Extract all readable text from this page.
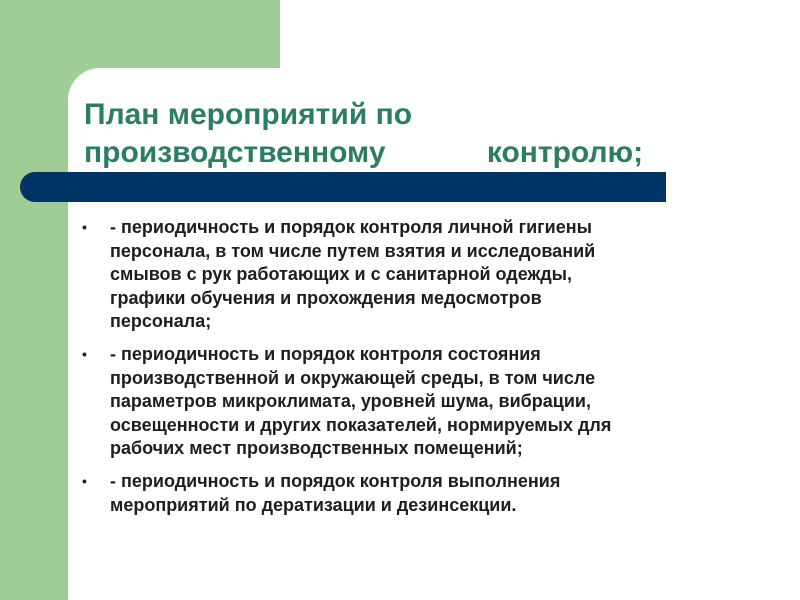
План мероприятий по
производственному контролю;
• - периодичность и порядок контроля личной гигиены
персонала, в том числе путем взятия и исследований
смывов с рук работающих и с санитарной одежды,
графики обучения и прохождения медосмотров
персонала;
• - периодичность и порядок контроля состояния
производственной и окружающей среды, в том числе
параметров микроклимата, уровней шума, вибрации,
освещенности и других показателей, нормируемых для
рабочих мест производственных помещений;
• - периодичность и порядок контроля выполнения
мероприятий по дератизации и дезинсекции.
